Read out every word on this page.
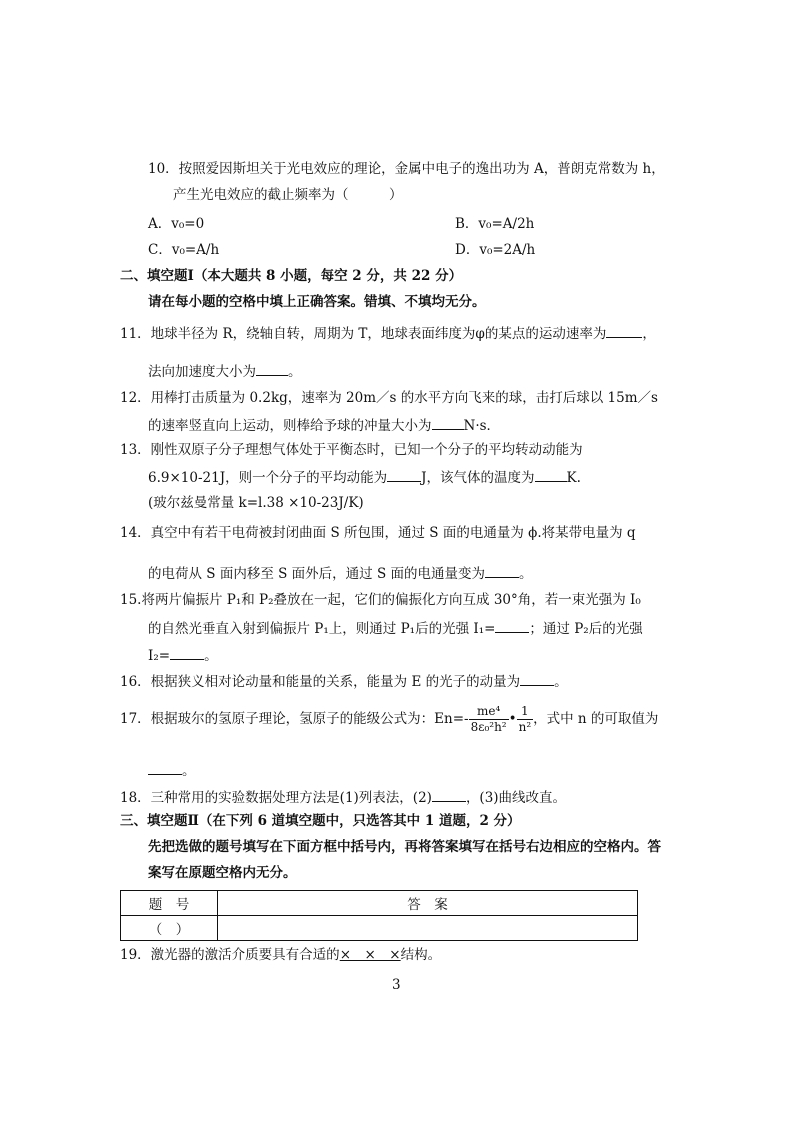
10．按照爱因斯坦关于光电效应的理论，金属中电子的逸出功为 A，普朗克常数为 h，
产生光电效应的截止频率为（　　　）
A．v₀=0	B．v₀=A/2h
C．v₀=A/h	D．v₀=2A/h
二、填空题Ⅰ（本大题共 8 小题，每空 2 分，共 22 分）
请在每小题的空格中填上正确答案。错填、不填均无分。
11．地球半径为 R，绕轴自转，周期为 T，地球表面纬度为φ的某点的运动速率为	，
法向加速度大小为 。
12．用棒打击质量为 0.2kg，速率为 20m／s 的水平方向飞来的球，击打后球以 15m／s
的速率竖直向上运动，则棒给予球的冲量大小为 N·s．
13．刚性双原子分子理想气体处于平衡态时，已知一个分子的平均转动动能为
6.9×10-21J，则一个分子的平均动能为	J，该气体的温度为 K.
(玻尔兹曼常量 k=l.38 ×10-23J/K)
14．真空中有若干电荷被封闭曲面 S 所包围，通过 S 面的电通量为 ϕ.将某带电量为 q
的电荷从 S 面内移至 S 面外后，通过 S 面的电通量变为	。
15.将两片偏振片 P₁和 P₂叠放在一起，它们的偏振化方向互成 30°角，若一束光强为 I₀
的自然光垂直入射到偏振片 P₁上，则通过 P₁后的光强 I₁=	；通过 P₂后的光强
I₂=	。
16．根据狭义相对论动量和能量的关系，能量为 E 的光子的动量为	。
17．根据玻尔的氢原子理论，氢原子的能级公式为：$En=- \frac{\text{me⁴}}{\text{8ε₀²h²}}$ • $\frac{1}{\text{n²}}$ ，式中 n 的可取值为
。
18．三种常用的实验数据处理方法是(1)列表法，(2)	，(3)曲线改直。
三、填空题Ⅱ（在下列 6 道填空题中，只选答其中 1 道题，2 分）
先把选做的题号填写在下面方框中括号内，再将答案填写在括号右边相应的空格内。答
案写在原题空格内无分。
题　号	答　案
（　）	
19．激光器的激活介质要具有合适的×　×　×结构。
3
